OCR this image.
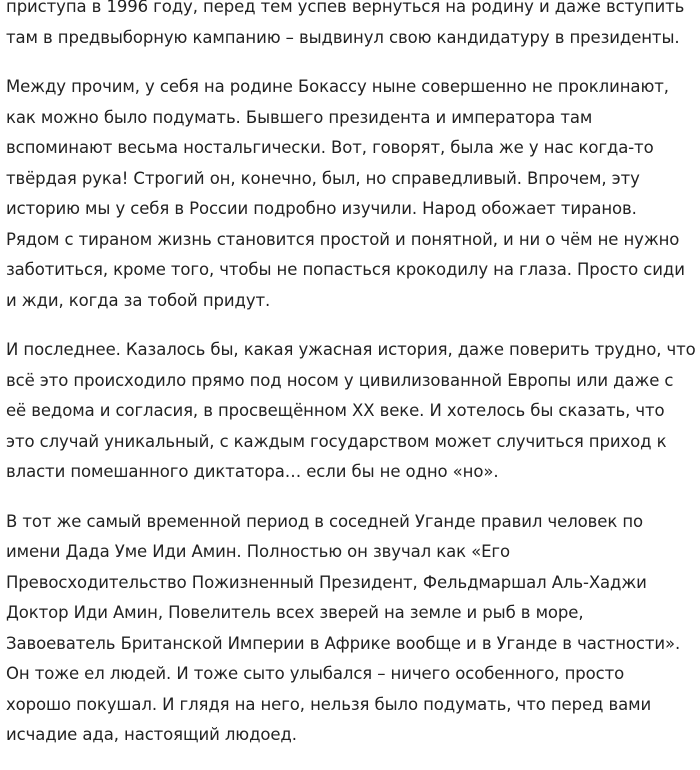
приступа в 1996 году, перед тем успев вернуться на родину и даже вступить
там в предвыборную кампанию – выдвинул свою кандидатуру в президенты.

Между прочим, у себя на родине Бокассу ныне совершенно не проклинают,
как можно было подумать. Бывшего президента и императора там
вспоминают весьма ностальгически. Вот, говорят, была же у нас когда-то
твёрдая рука! Строгий он, конечно, был, но справедливый. Впрочем, эту
историю мы у себя в России подробно изучили. Народ обожает тиранов.
Рядом с тираном жизнь становится простой и понятной, и ни о чём не нужно
заботиться, кроме того, чтобы не попасться крокодилу на глаза. Просто сиди
и жди, когда за тобой придут.

И последнее. Казалось бы, какая ужасная история, даже поверить трудно, что
всё это происходило прямо под носом у цивилизованной Европы или даже с
её ведома и согласия, в просвещённом XX веке. И хотелось бы сказать, что
это случай уникальный, с каждым государством может случиться приход к
власти помешанного диктатора… если бы не одно «но».

В тот же самый временной период в соседней Уганде правил человек по
имени Дада Уме Иди Амин. Полностью он звучал как «Его
Превосходительство Пожизненный Президент, Фельдмаршал Аль-Хаджи
Доктор Иди Амин, Повелитель всех зверей на земле и рыб в море,
Завоеватель Британской Империи в Африке вообще и в Уганде в частности».
Он тоже ел людей. И тоже сыто улыбался – ничего особенного, просто
хорошо покушал. И глядя на него, нельзя было подумать, что перед вами
исчадие ада, настоящий людоед.
